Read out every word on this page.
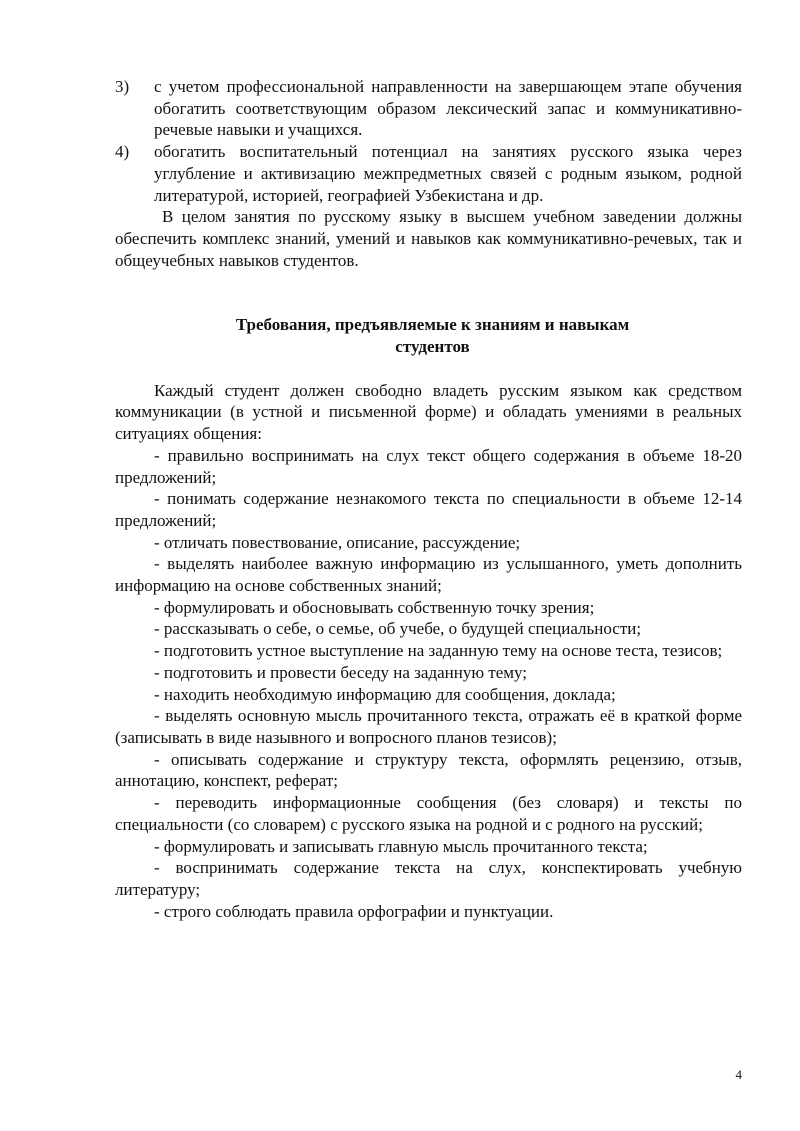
3)	с учетом профессиональной направленности на завершающем этапе обучения обогатить соответствующим образом лексический запас и коммуникативно-речевые навыки и учащихся.
4)	обогатить воспитательный потенциал на занятиях русского языка через углубление и активизацию межпредметных связей с родным языком, родной литературой, историей, географией Узбекистана и др.

В целом занятия по русскому языку в высшем учебном заведении должны обеспечить комплекс знаний, умений и навыков как коммуникативно-речевых, так и общеучебных навыков студентов.

Требования, предъявляемые к знаниям и навыкам
студентов

Каждый студент должен свободно владеть русским языком как средством коммуникации (в устной и письменной форме) и обладать умениями в реальных ситуациях общения:

- правильно воспринимать на слух текст общего содержания в объеме 18-20 предложений;

- понимать содержание незнакомого текста по специальности в объеме 12-14 предложений;

- отличать повествование, описание, рассуждение;

- выделять наиболее важную информацию из услышанного, уметь дополнить информацию на основе собственных знаний;

- формулировать и обосновывать собственную точку зрения;

- рассказывать о себе, о семье, об учебе, о будущей специальности;

- подготовить устное выступление на заданную тему на основе теста, тезисов;

- подготовить и провести беседу на заданную тему;

- находить необходимую информацию для сообщения, доклада;

- выделять основную мысль прочитанного текста, отражать её в краткой форме (записывать в виде назывного и вопросного планов тезисов);

- описывать содержание и структуру текста, оформлять рецензию, отзыв, аннотацию, конспект, реферат;

- переводить информационные сообщения (без словаря) и тексты по специальности (со словарем) с русского языка на родной и с родного на русский;

- формулировать и записывать главную мысль прочитанного текста;

- воспринимать содержание текста на слух, конспектировать учебную литературу;

- строго соблюдать правила орфографии и пунктуации.

4
